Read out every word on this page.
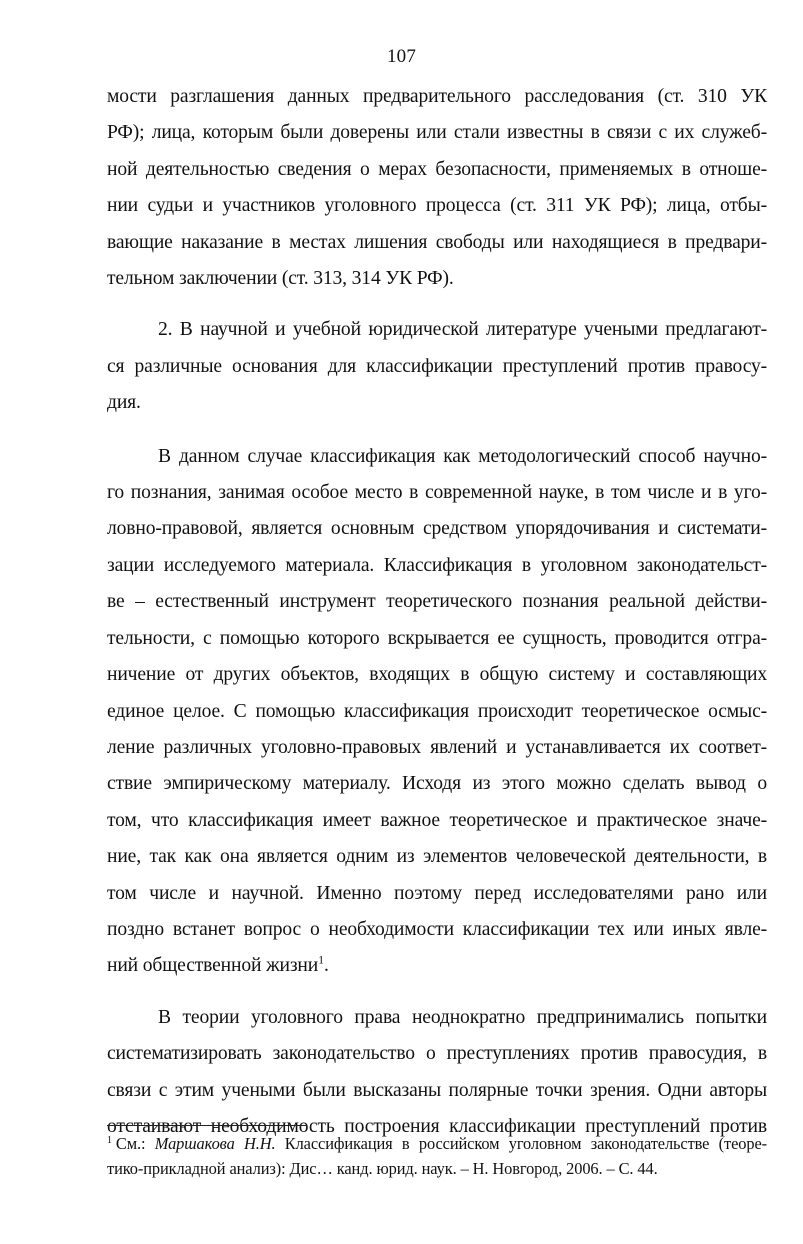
107

мости разглашения данных предварительного расследования (ст. 310 УК
РФ); лица, которым были доверены или стали известны в связи с их служеб-
ной деятельностью сведения о мерах безопасности, применяемых в отноше-
нии судьи и участников уголовного процесса (ст. 311 УК РФ); лица, отбы-
вающие наказание в местах лишения свободы или находящиеся в предвари-
тельном заключении (ст. 313, 314 УК РФ).

2. В научной и учебной юридической литературе учеными предлагают-
ся различные основания для классификации преступлений против правосу-
дия.

В данном случае классификация как методологический способ научно-
го познания, занимая особое место в современной науке, в том числе и в уго-
ловно-правовой, является основным средством упорядочивания и системати-
зации исследуемого материала. Классификация в уголовном законодательст-
ве – естественный инструмент теоретического познания реальной действи-
тельности, с помощью которого вскрывается ее сущность, проводится отгра-
ничение от других объектов, входящих в общую систему и составляющих
единое целое. С помощью классификация происходит теоретическое осмыс-
ление различных уголовно-правовых явлений и устанавливается их соответ-
ствие эмпирическому материалу. Исходя из этого можно сделать вывод о
том, что классификация имеет важное теоретическое и практическое значе-
ние, так как она является одним из элементов человеческой деятельности, в
том числе и научной. Именно поэтому перед исследователями рано или
поздно встанет вопрос о необходимости классификации тех или иных явле-
ний общественной жизни$^1$.

В теории уголовного права неоднократно предпринимались попытки
систематизировать законодательство о преступлениях против правосудия, в
связи с этим учеными были высказаны полярные точки зрения. Одни авторы
отстаивают необходимость построения классификации преступлений против

$^1$ См.: Маршакова Н.Н. Классификация в российском уголовном законодательстве (теоре-
тико-прикладной анализ): Дис… канд. юрид. наук. – Н. Новгород, 2006. – С. 44.
